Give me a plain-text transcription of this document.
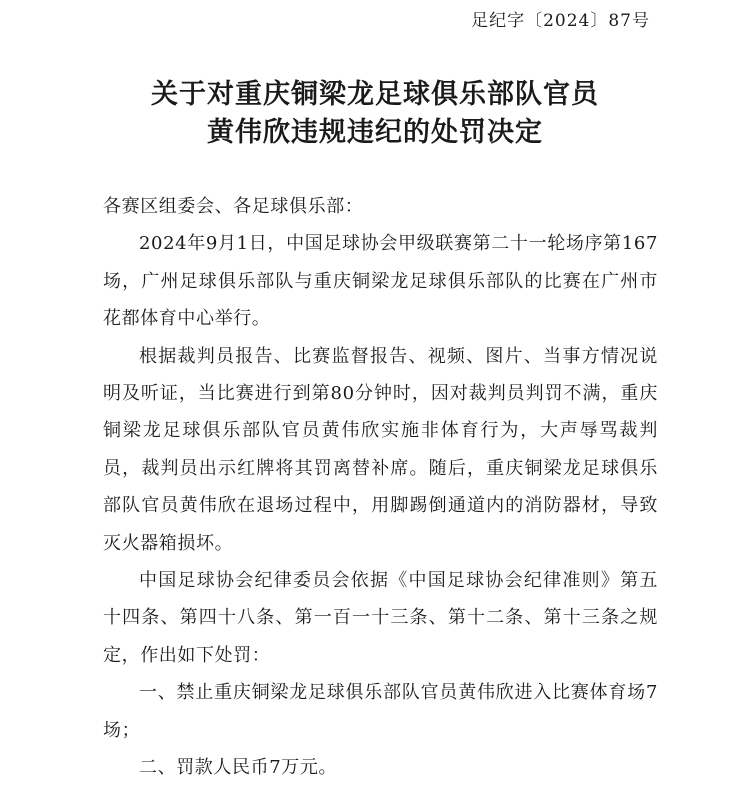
足纪字〔2024〕87号
关于对重庆铜梁龙足球俱乐部队官员
黄伟欣违规违纪的处罚决定

各赛区组委会、各足球俱乐部：

2024年9月1日，中国足球协会甲级联赛第二十一轮场序第167场，广州足球俱乐部队与重庆铜梁龙足球俱乐部队的比赛在广州市花都体育中心举行。

根据裁判员报告、比赛监督报告、视频、图片、当事方情况说明及听证，当比赛进行到第80分钟时，因对裁判员判罚不满，重庆铜梁龙足球俱乐部队官员黄伟欣实施非体育行为，大声辱骂裁判员，裁判员出示红牌将其罚离替补席。随后，重庆铜梁龙足球俱乐部队官员黄伟欣在退场过程中，用脚踢倒通道内的消防器材，导致灭火器箱损坏。

中国足球协会纪律委员会依据《中国足球协会纪律准则》第五十四条、第四十八条、第一百一十三条、第十二条、第十三条之规定，作出如下处罚：

一、禁止重庆铜梁龙足球俱乐部队官员黄伟欣进入比赛体育场7场；

二、罚款人民币7万元。
